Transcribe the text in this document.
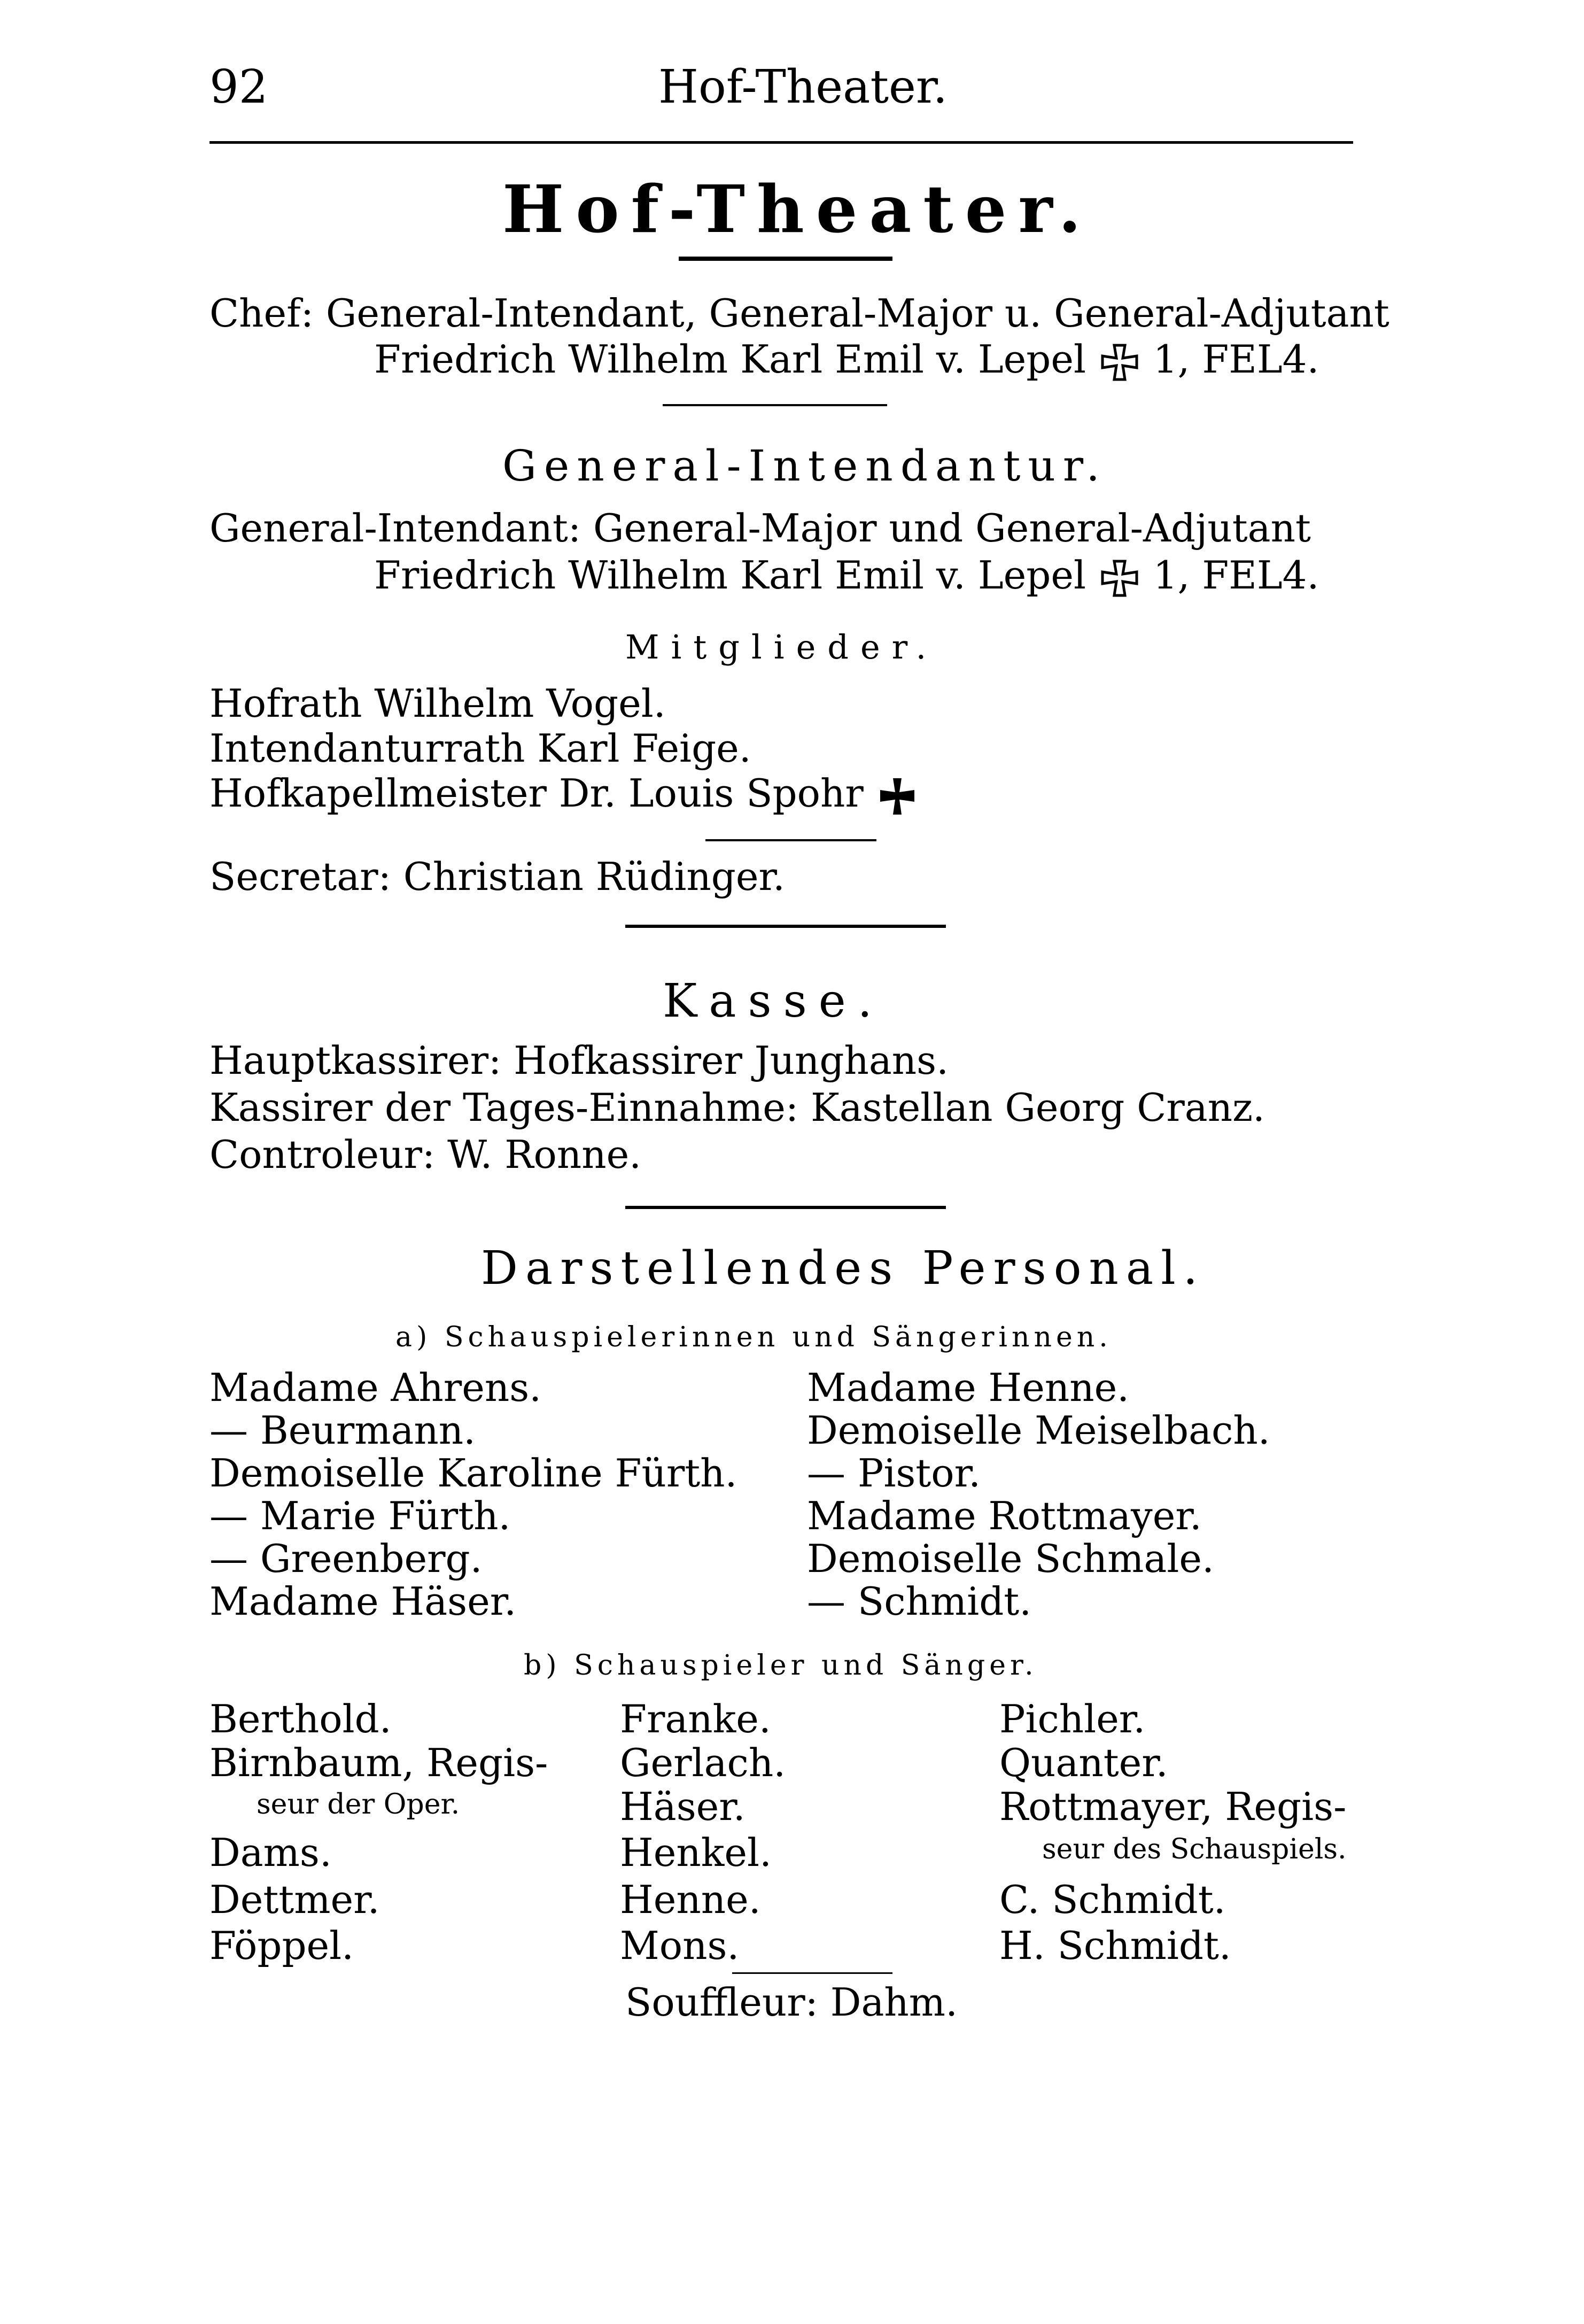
92	Hof-Theater.
Hof-Theater.
Chef: General-Intendant, General-Major u. General-Adjutant
Friedrich Wilhelm Karl Emil v. Lepel 1, FEL4.
General-Intendantur.
General-Intendant: General-Major und General-Adjutant
Friedrich Wilhelm Karl Emil v. Lepel 1, FEL4.
Mitglieder.
Hofrath Wilhelm Vogel.
Intendanturrath Karl Feige.
Hofkapellmeister Dr. Louis Spohr
Secretar: Christian Rüdinger.
Kasse.
Hauptkassirer: Hofkassirer Junghans.
Kassirer der Tages-Einnahme: Kastellan Georg Cranz.
Controleur: W. Ronne.
Darstellendes Personal.
a) Schauspielerinnen und Sängerinnen.
Madame Ahrens.
— Beurmann.
Demoiselle Karoline Fürth.
— Marie Fürth.
— Greenberg.
Madame Häser.
Madame Henne.
Demoiselle Meiselbach.
— Pistor.
Madame Rottmayer.
Demoiselle Schmale.
— Schmidt.
b) Schauspieler und Sänger.
Berthold.
Birnbaum, Regis-
seur der Oper.
Dams.
Dettmer.
Föppel.
Franke.
Gerlach.
Häser.
Henkel.
Henne.
Mons.
Pichler.
Quanter.
Rottmayer, Regis-
seur des Schauspiels.
C. Schmidt.
H. Schmidt.
Souffleur: Dahm.
